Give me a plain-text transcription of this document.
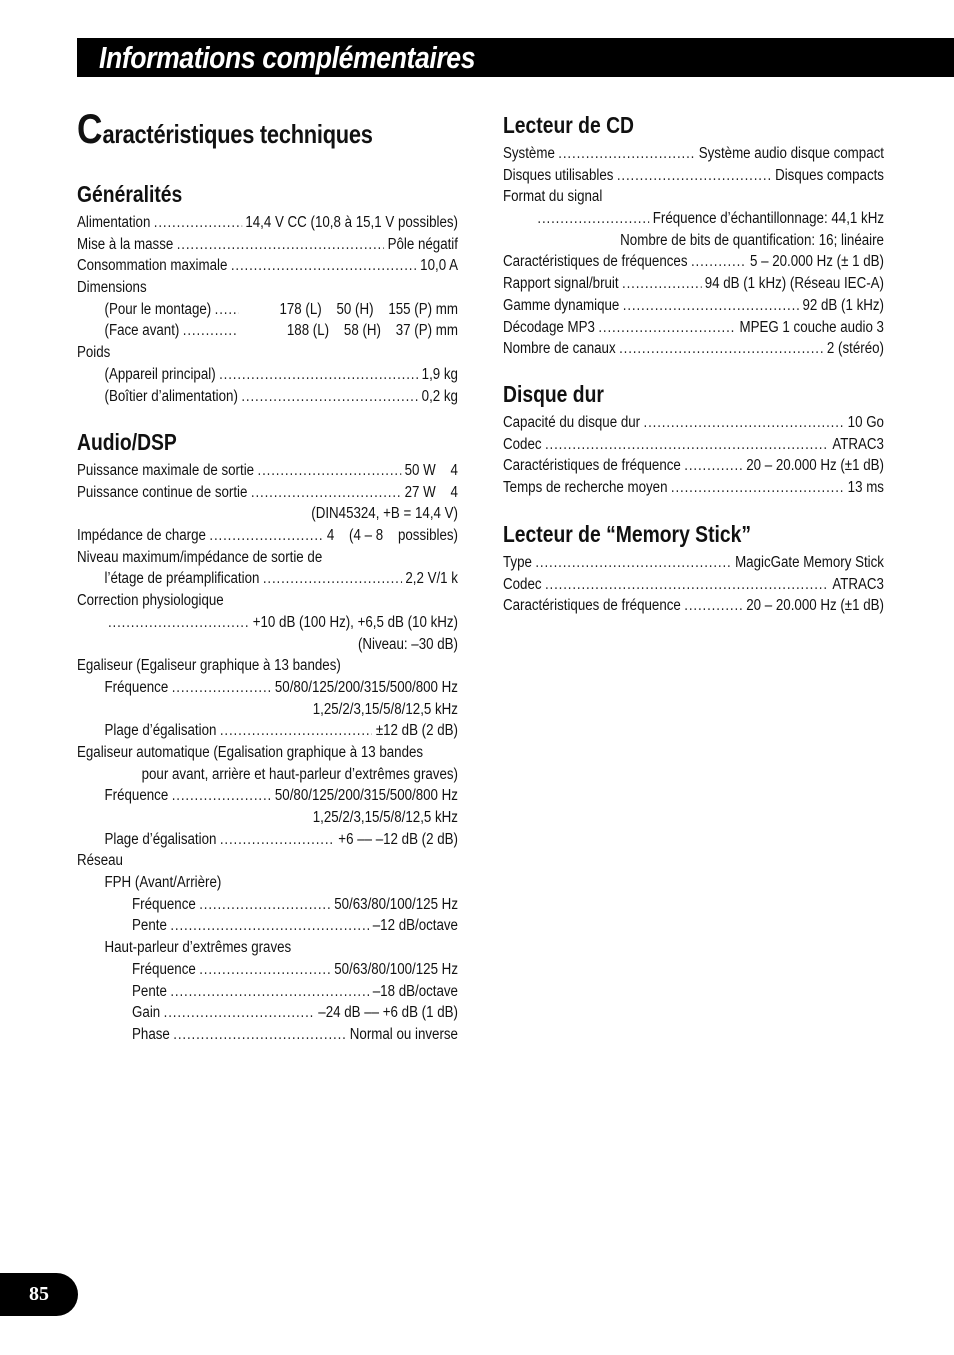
Informations complémentaires
Caractéristiques techniques
Généralités
Alimentation .....	14,4 V CC (10,8 à 15,1 V possibles)
Mise à la masse .....	Pôle négatif
Consommation maximale .....	10,0 A
Dimensions
(Pour le montage) .....	178 (L)    50 (H)    155 (P) mm
(Face avant) .....	188 (L)    58 (H)    37 (P) mm
Poids
(Appareil principal) .....	1,9 kg
(Boîtier d’alimentation) .....	0,2 kg
Audio/DSP
Puissance maximale de sortie .....	50 W    4
Puissance continue de sortie .....	27 W    4
(DIN45324, +B = 14,4 V)
Impédance de charge .....	4    (4 – 8    possibles)
Niveau maximum/impédance de sortie de
l’étage de préamplification .....	2,2 V/1 k
Correction physiologique
.....
+10 dB (100 Hz), +6,5 dB (10 kHz)
(Niveau: –30 dB)
Egaliseur (Egaliseur graphique à 13 bandes)
Fréquence .....	50/80/125/200/315/500/800 Hz
1,25/2/3,15/5/8/12,5 kHz
Plage d’égalisation .....	±12 dB (2 dB)
Egaliseur automatique (Egalisation graphique à 13 bandes
pour avant, arrière et haut-parleur d’extrêmes graves)
Fréquence .....	50/80/125/200/315/500/800 Hz
1,25/2/3,15/5/8/12,5 kHz
Plage d’égalisation .....	+6 –– –12 dB (2 dB)
Réseau
FPH (Avant/Arrière)
Fréquence .....	50/63/80/100/125 Hz
Pente .....	–12 dB/octave
Haut-parleur d’extrêmes graves
Fréquence .....	50/63/80/100/125 Hz
Pente .....	–18 dB/octave
Gain .....	–24 dB –– +6 dB (1 dB)
Phase .....	Normal ou inverse
Lecteur de CD
Système .....	Système audio disque compact
Disques utilisables .....	Disques compacts
Format du signal
.....
Fréquence d’échantillonnage: 44,1 kHz
Nombre de bits de quantification: 16; linéaire
Caractéristiques de fréquences .....	5 – 20.000 Hz (± 1 dB)
Rapport signal/bruit .....	94 dB (1 kHz) (Réseau IEC-A)
Gamme dynamique .....	92 dB (1 kHz)
Décodage MP3 .....	MPEG 1 couche audio 3
Nombre de canaux .....	2 (stéréo)
Disque dur
Capacité du disque dur .....	10 Go
Codec .....	ATRAC3
Caractéristiques de fréquence .....	20 – 20.000 Hz (±1 dB)
Temps de recherche moyen .....	13 ms
Lecteur de “Memory Stick”
Type .....	MagicGate Memory Stick
Codec .....	ATRAC3
Caractéristiques de fréquence .....	20 – 20.000 Hz (±1 dB)
85
